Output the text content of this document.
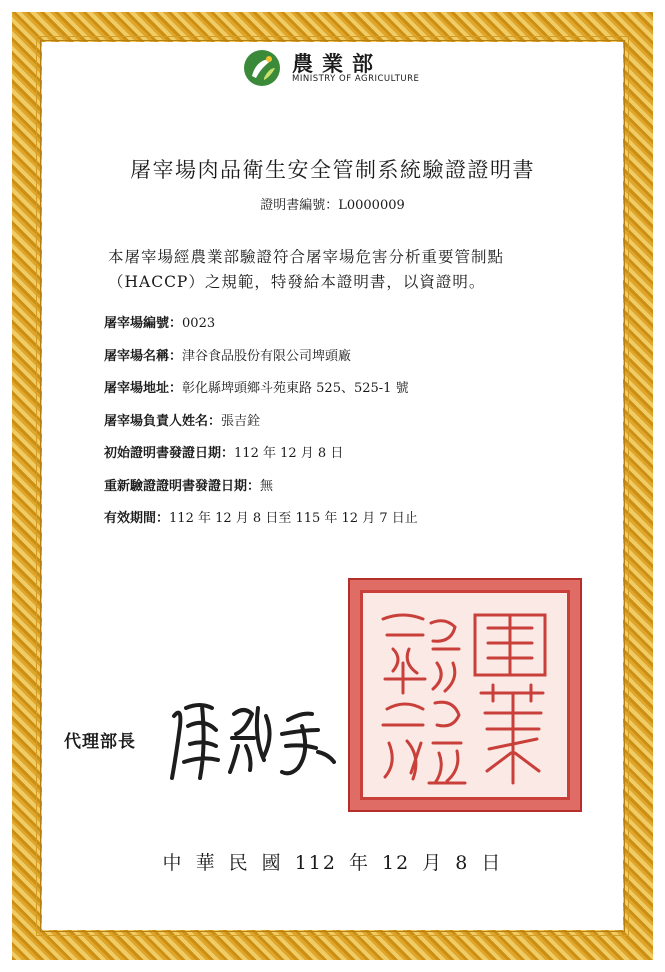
農業部
MINISTRY OF AGRICULTURE
屠宰場肉品衛生安全管制系統驗證證明書
證明書編號：L0000009
本屠宰場經農業部驗證符合屠宰場危害分析重要管制點
（HACCP）之規範，特發給本證明書，以資證明。
屠宰場編號：0023
屠宰場名稱：津谷食品股份有限公司埤頭廠
屠宰場地址：彰化縣埤頭鄉斗苑東路 525、525-1 號
屠宰場負責人姓名：張吉銓
初始證明書發證日期：112 年 12 月 8 日
重新驗證證明書發證日期：無
有效期間：112 年 12 月 8 日至 115 年 12 月 7 日止
代理部長
中 華 民 國 112 年 12 月 8 日
